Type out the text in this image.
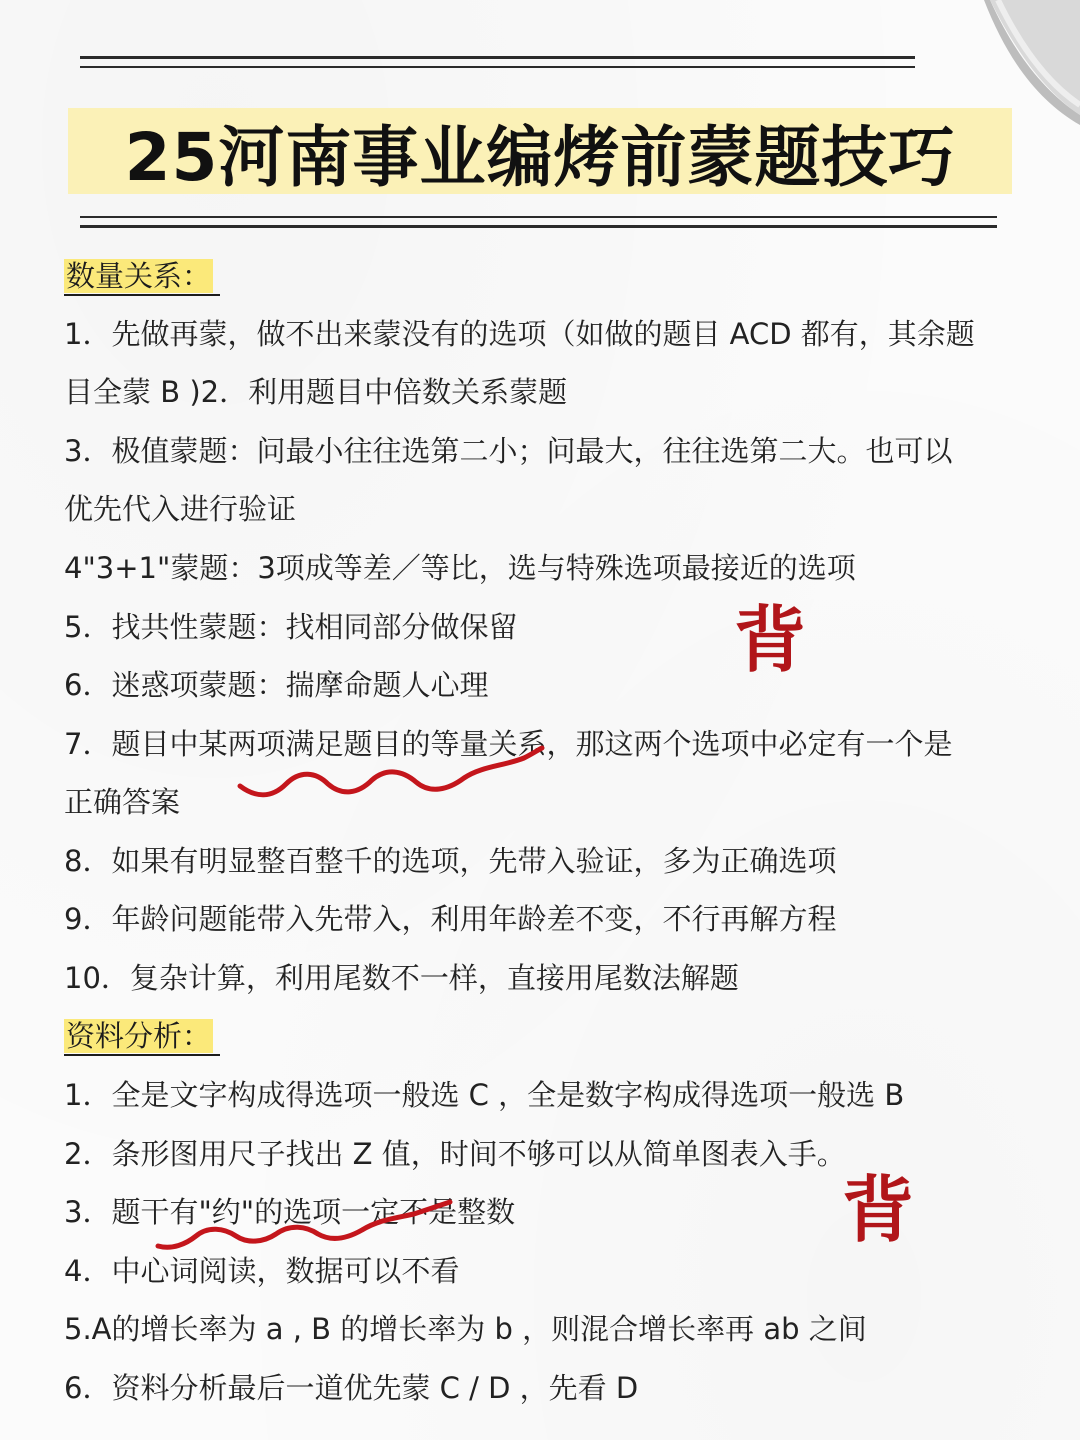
25河南事业编烤前蒙题技巧
数量关系：
1．先做再蒙，做不出来蒙没有的选项（如做的题目 ACD 都有，其余题
目全蒙 B )2．利用题目中倍数关系蒙题
3．极值蒙题：问最小往往选第二小；问最大，往往选第二大。也可以
优先代入进行验证
4"3+1"蒙题：3项成等差／等比，选与特殊选项最接近的选项
5．找共性蒙题：找相同部分做保留
6．迷惑项蒙题：揣摩命题人心理
7．题目中某两项满足题目的等量关系，那这两个选项中必定有一个是
正确答案
8．如果有明显整百整千的选项，先带入验证，多为正确选项
9．年龄问题能带入先带入，利用年龄差不变，不行再解方程
10．复杂计算，利用尾数不一样，直接用尾数法解题
资料分析：
1．全是文字构成得选项一般选 C ，全是数字构成得选项一般选 B
2．条形图用尺子找出 Z 值，时间不够可以从简单图表入手。
3．题干有"约"的选项一定不是整数
4．中心词阅读，数据可以不看
5.A的增长率为 a , B 的增长率为 b ，则混合增长率再 ab 之间
6．资料分析最后一道优先蒙 C / D ，先看 D
背
背
